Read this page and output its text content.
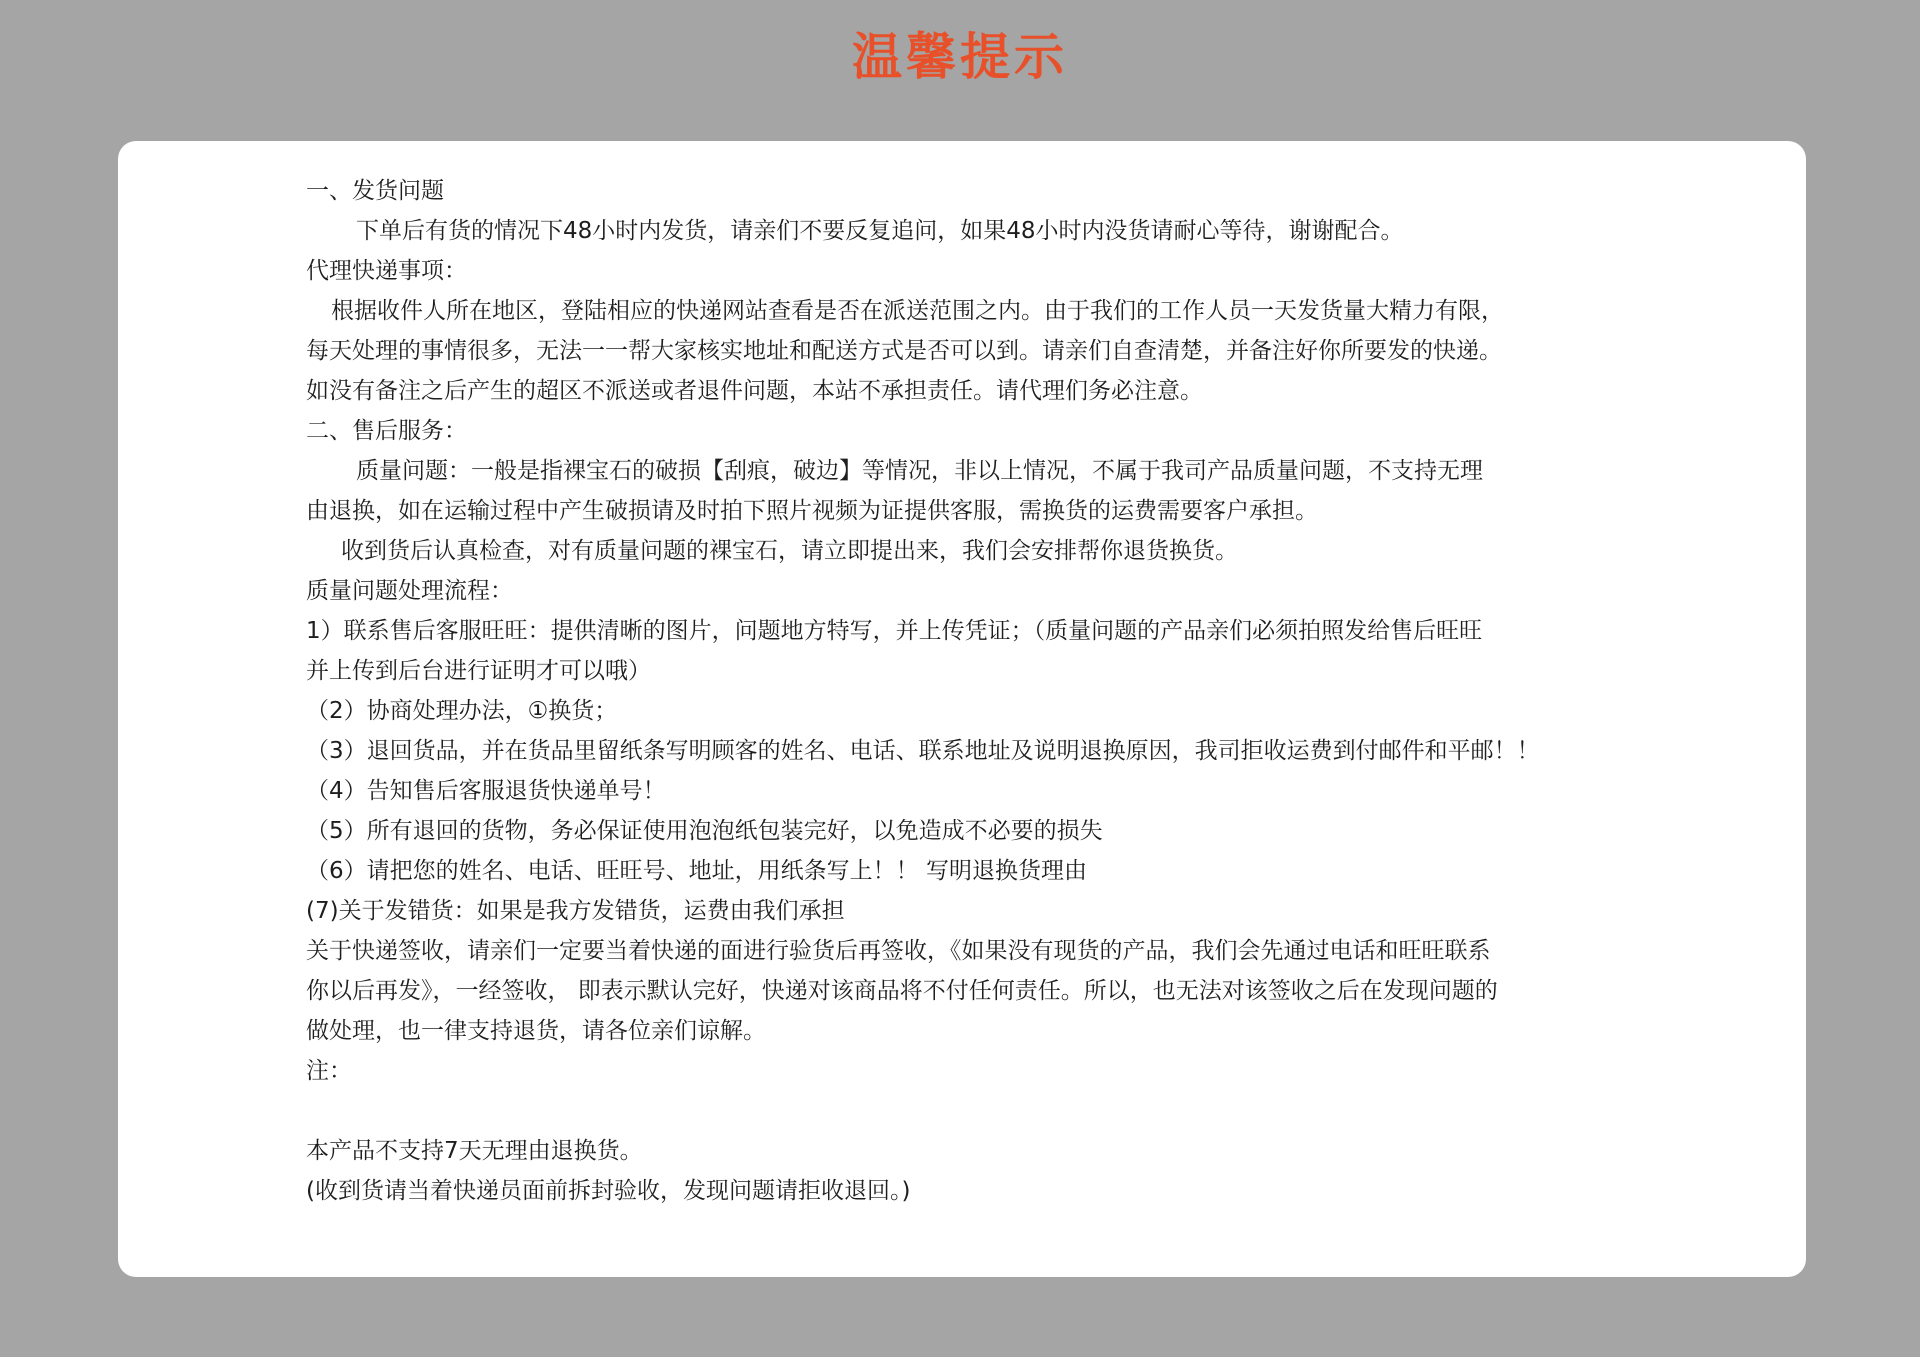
温馨提示
一、发货问题
下单后有货的情况下48小时内发货，请亲们不要反复追问，如果48小时内没货请耐心等待，谢谢配合。
代理快递事项：
根据收件人所在地区，登陆相应的快递网站查看是否在派送范围之内。由于我们的工作人员一天发货量大精力有限，
每天处理的事情很多，无法一一帮大家核实地址和配送方式是否可以到。请亲们自查清楚，并备注好你所要发的快递。
如没有备注之后产生的超区不派送或者退件问题，本站不承担责任。请代理们务必注意。
二、售后服务：
质量问题：一般是指裸宝石的破损【刮痕，破边】等情况，非以上情况，不属于我司产品质量问题，不支持无理
由退换，如在运输过程中产生破损请及时拍下照片视频为证提供客服，需换货的运费需要客户承担。
收到货后认真检查，对有质量问题的裸宝石，请立即提出来，我们会安排帮你退货换货。
质量问题处理流程：
1）联系售后客服旺旺：提供清晰的图片，问题地方特写，并上传凭证；（质量问题的产品亲们必须拍照发给售后旺旺
并上传到后台进行证明才可以哦）
（2）协商处理办法，①换货；
（3）退回货品，并在货品里留纸条写明顾客的姓名、电话、联系地址及说明退换原因，我司拒收运费到付邮件和平邮！！
（4）告知售后客服退货快递单号！
（5）所有退回的货物，务必保证使用泡泡纸包装完好，以免造成不必要的损失
（6）请把您的姓名、电话、旺旺号、地址，用纸条写上！！ 写明退换货理由
(7)关于发错货：如果是我方发错货，运费由我们承担
关于快递签收，请亲们一定要当着快递的面进行验货后再签收，《如果没有现货的产品，我们会先通过电话和旺旺联系
你以后再发》，一经签收， 即表示默认完好，快递对该商品将不付任何责任。所以，也无法对该签收之后在发现问题的
做处理，也一律支持退货，请各位亲们谅解。
注：
本产品不支持7天无理由退换货。
(收到货请当着快递员面前拆封验收，发现问题请拒收退回。)
